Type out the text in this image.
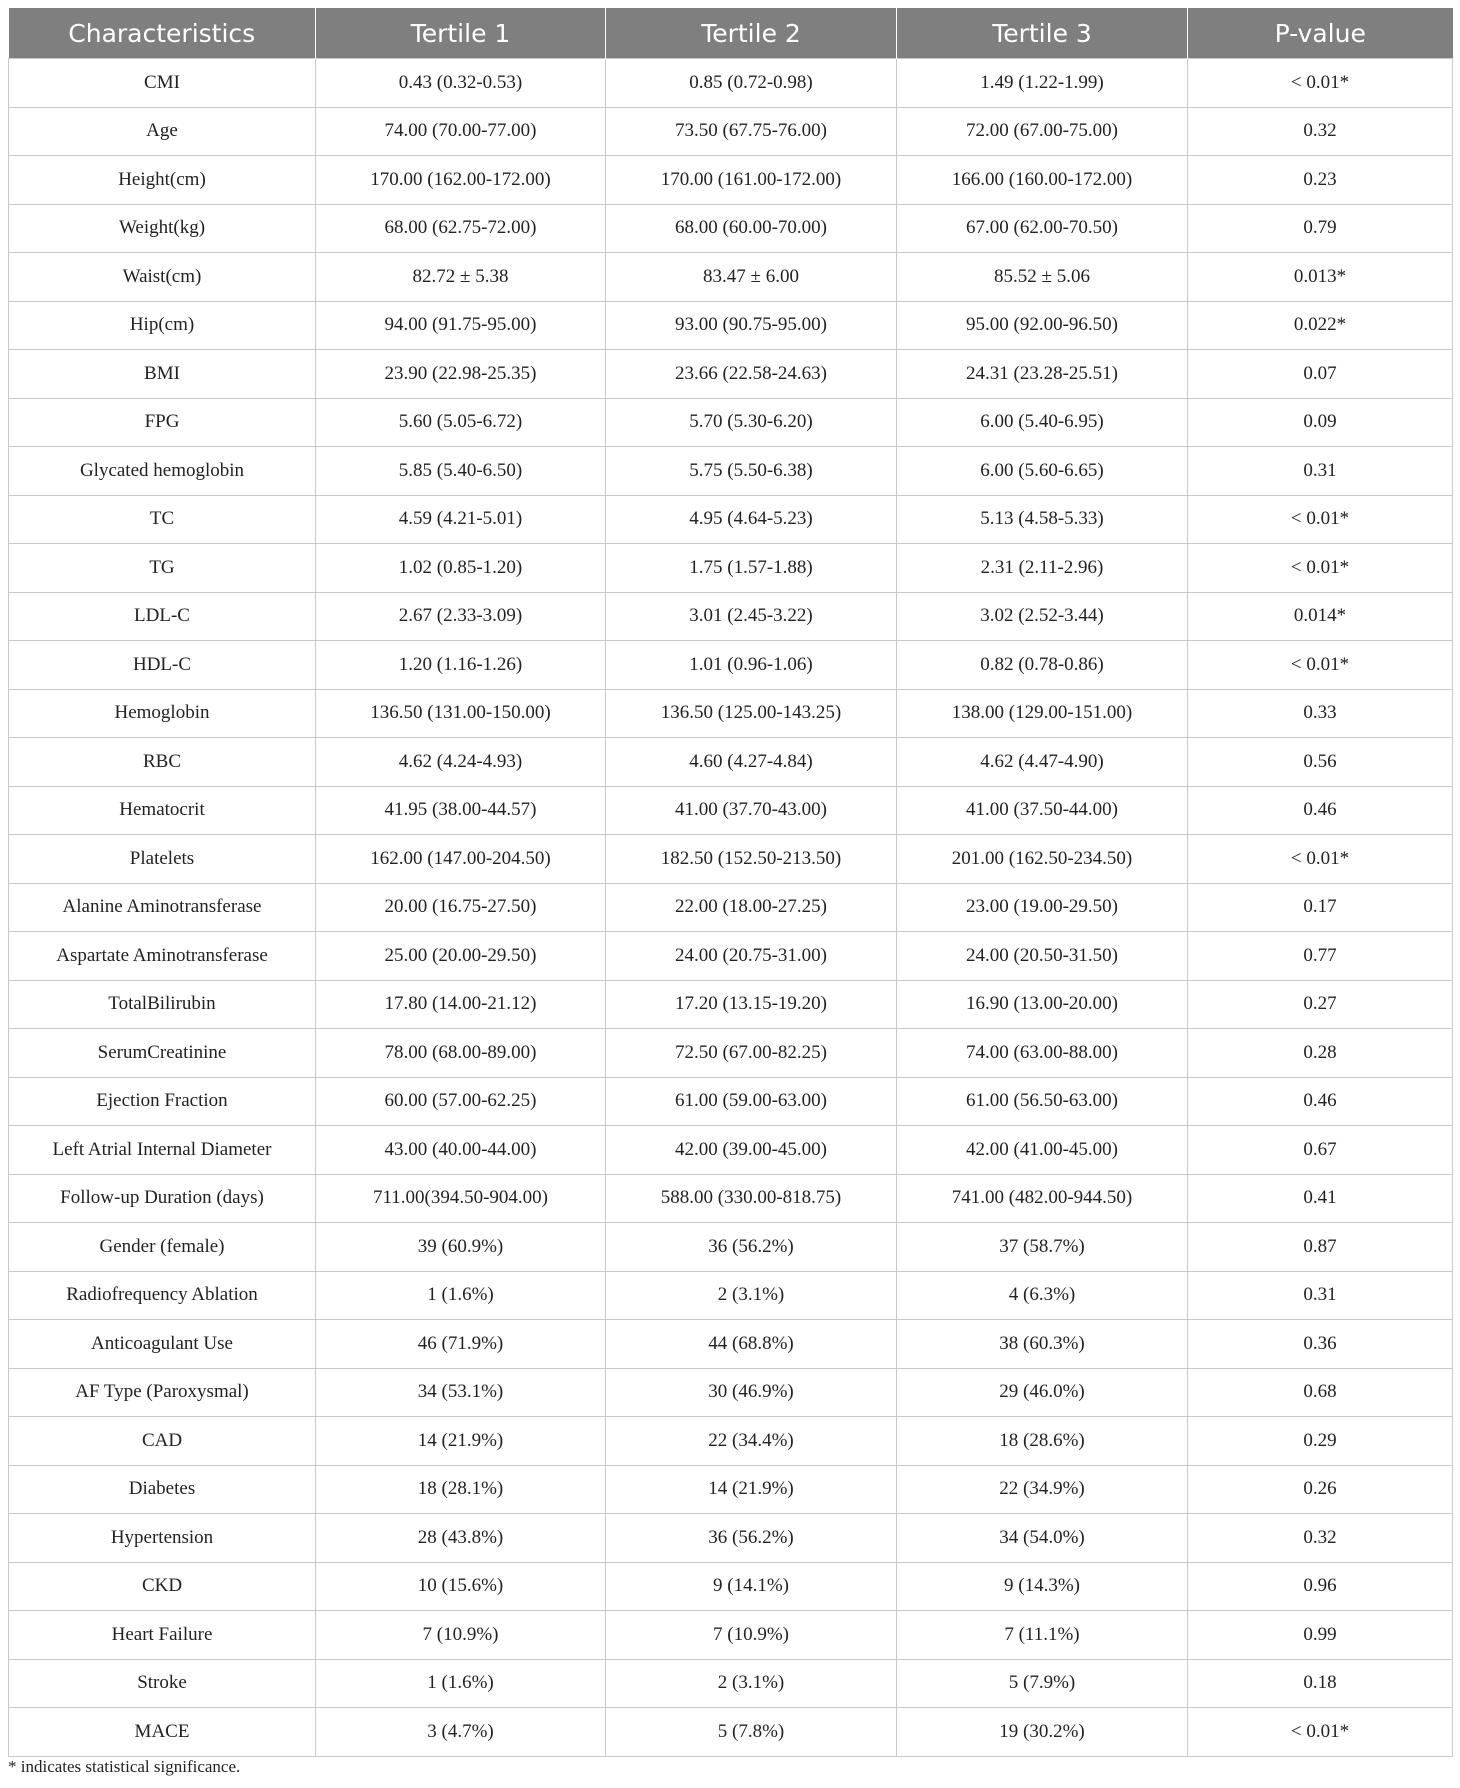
Characteristics	Tertile 1	Tertile 2	Tertile 3	P-value
CMI	0.43 (0.32-0.53)	0.85 (0.72-0.98)	1.49 (1.22-1.99)	< 0.01*
Age	74.00 (70.00-77.00)	73.50 (67.75-76.00)	72.00 (67.00-75.00)	0.32
Height(cm)	170.00 (162.00-172.00)	170.00 (161.00-172.00)	166.00 (160.00-172.00)	0.23
Weight(kg)	68.00 (62.75-72.00)	68.00 (60.00-70.00)	67.00 (62.00-70.50)	0.79
Waist(cm)	82.72 ± 5.38	83.47 ± 6.00	85.52 ± 5.06	0.013*
Hip(cm)	94.00 (91.75-95.00)	93.00 (90.75-95.00)	95.00 (92.00-96.50)	0.022*
BMI	23.90 (22.98-25.35)	23.66 (22.58-24.63)	24.31 (23.28-25.51)	0.07
FPG	5.60 (5.05-6.72)	5.70 (5.30-6.20)	6.00 (5.40-6.95)	0.09
Glycated hemoglobin	5.85 (5.40-6.50)	5.75 (5.50-6.38)	6.00 (5.60-6.65)	0.31
TC	4.59 (4.21-5.01)	4.95 (4.64-5.23)	5.13 (4.58-5.33)	< 0.01*
TG	1.02 (0.85-1.20)	1.75 (1.57-1.88)	2.31 (2.11-2.96)	< 0.01*
LDL-C	2.67 (2.33-3.09)	3.01 (2.45-3.22)	3.02 (2.52-3.44)	0.014*
HDL-C	1.20 (1.16-1.26)	1.01 (0.96-1.06)	0.82 (0.78-0.86)	< 0.01*
Hemoglobin	136.50 (131.00-150.00)	136.50 (125.00-143.25)	138.00 (129.00-151.00)	0.33
RBC	4.62 (4.24-4.93)	4.60 (4.27-4.84)	4.62 (4.47-4.90)	0.56
Hematocrit	41.95 (38.00-44.57)	41.00 (37.70-43.00)	41.00 (37.50-44.00)	0.46
Platelets	162.00 (147.00-204.50)	182.50 (152.50-213.50)	201.00 (162.50-234.50)	< 0.01*
Alanine Aminotransferase	20.00 (16.75-27.50)	22.00 (18.00-27.25)	23.00 (19.00-29.50)	0.17
Aspartate Aminotransferase	25.00 (20.00-29.50)	24.00 (20.75-31.00)	24.00 (20.50-31.50)	0.77
TotalBilirubin	17.80 (14.00-21.12)	17.20 (13.15-19.20)	16.90 (13.00-20.00)	0.27
SerumCreatinine	78.00 (68.00-89.00)	72.50 (67.00-82.25)	74.00 (63.00-88.00)	0.28
Ejection Fraction	60.00 (57.00-62.25)	61.00 (59.00-63.00)	61.00 (56.50-63.00)	0.46
Left Atrial Internal Diameter	43.00 (40.00-44.00)	42.00 (39.00-45.00)	42.00 (41.00-45.00)	0.67
Follow-up Duration (days)	711.00(394.50-904.00)	588.00 (330.00-818.75)	741.00 (482.00-944.50)	0.41
Gender (female)	39 (60.9%)	36 (56.2%)	37 (58.7%)	0.87
Radiofrequency Ablation	1 (1.6%)	2 (3.1%)	4 (6.3%)	0.31
Anticoagulant Use	46 (71.9%)	44 (68.8%)	38 (60.3%)	0.36
AF Type (Paroxysmal)	34 (53.1%)	30 (46.9%)	29 (46.0%)	0.68
CAD	14 (21.9%)	22 (34.4%)	18 (28.6%)	0.29
Diabetes	18 (28.1%)	14 (21.9%)	22 (34.9%)	0.26
Hypertension	28 (43.8%)	36 (56.2%)	34 (54.0%)	0.32
CKD	10 (15.6%)	9 (14.1%)	9 (14.3%)	0.96
Heart Failure	7 (10.9%)	7 (10.9%)	7 (11.1%)	0.99
Stroke	1 (1.6%)	2 (3.1%)	5 (7.9%)	0.18
MACE	3 (4.7%)	5 (7.8%)	19 (30.2%)	< 0.01*
* indicates statistical significance.
